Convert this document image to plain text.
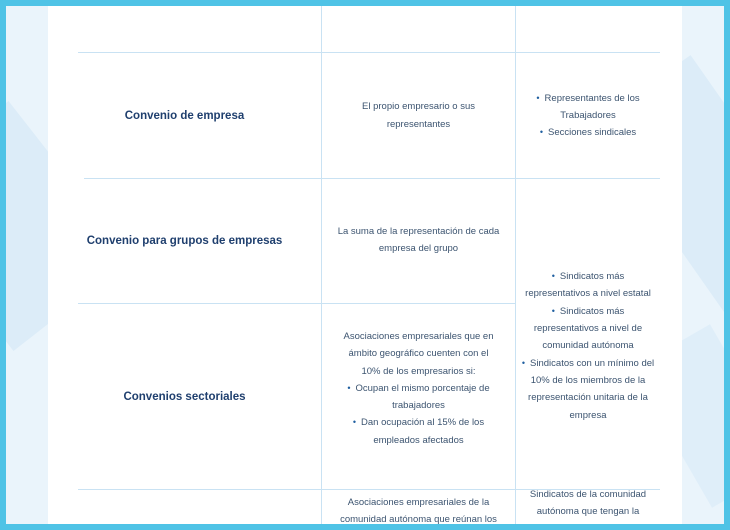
Convenio de empresa

El propio empresario o sus

representantes

• Representantes de los
Trabajadores
• Secciones sindicales
Convenio para grupos de empresas

La suma de la representación de cada

empresa del grupo

• Sindicatos más
representativos a nivel estatal
• Sindicatos más
representativos a nivel de
comunidad autónoma
• Sindicatos con un mínimo del
10% de los miembros de la
representación unitaria de la
empresa
Convenios sectoriales

Asociaciones empresariales que en

ámbito geográfico cuenten con el

10% de los empresarios si:

• Ocupan el mismo porcentaje de
trabajadores
• Dan ocupación al 15% de los
empleados afectados

Asociaciones empresariales de la

comunidad autónoma que reúnan los

Sindicatos de la comunidad

autónoma que tengan la
